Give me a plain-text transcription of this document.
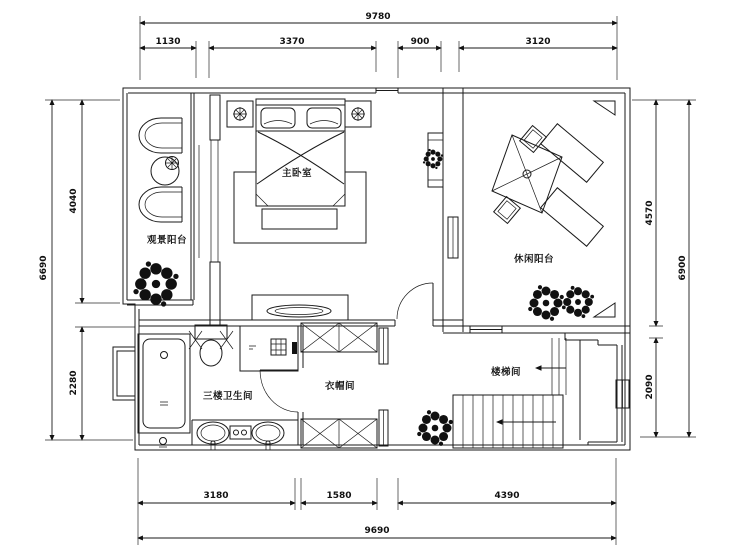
9780
1130	3370	900	3120
3180	1580	4390
9690
6690
4040
2280
4570
2090
6900
观景阳台
主卧室
休闲阳台
三楼卫生间
衣帽间
楼梯间
